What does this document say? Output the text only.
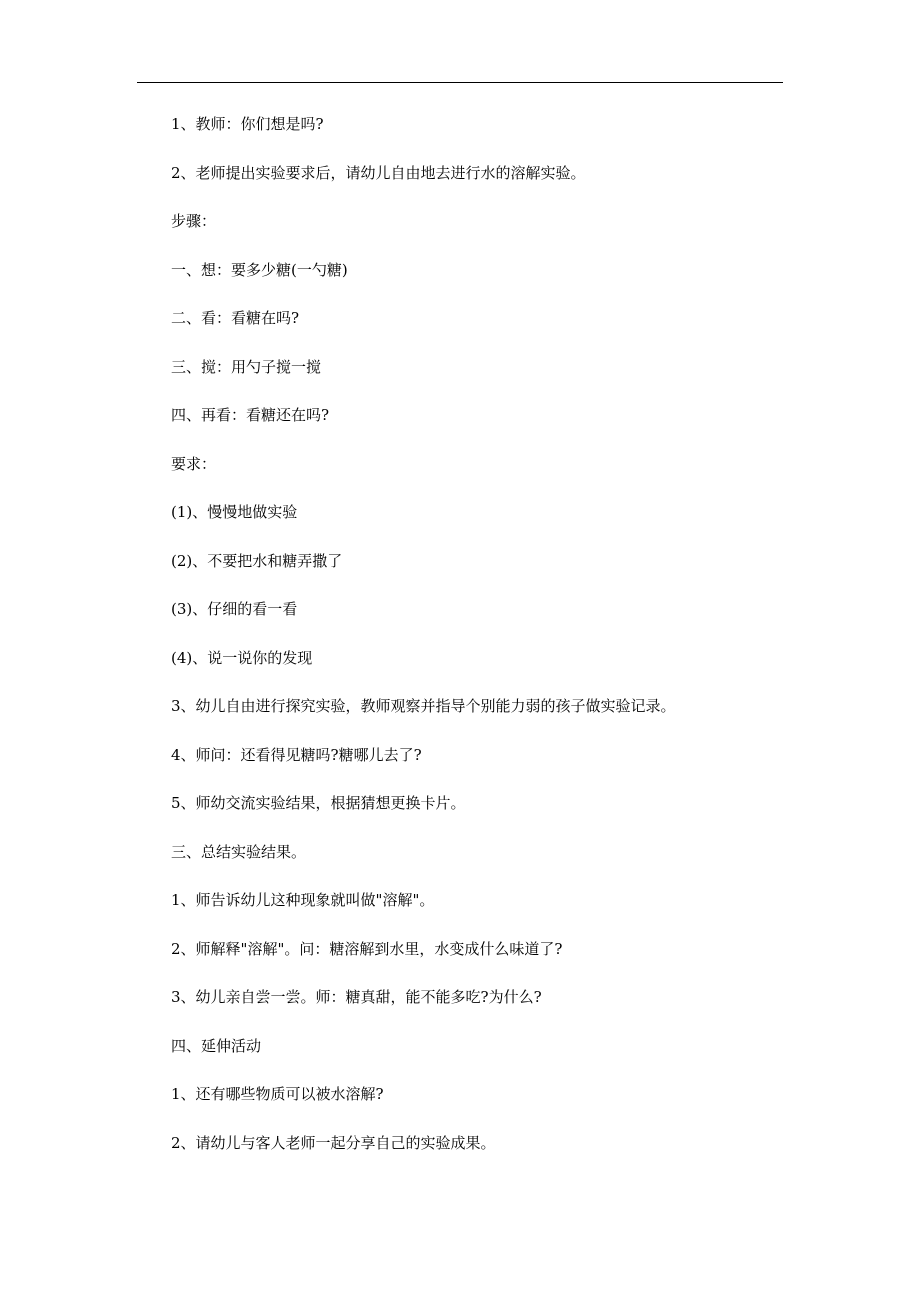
1、教师：你们想是吗?
2、老师提出实验要求后，请幼儿自由地去进行水的溶解实验。
步骤：
一、想：要多少糖(一勺糖)
二、看：看糖在吗?
三、搅：用勺子搅一搅
四、再看：看糖还在吗?
要求：
(1)、慢慢地做实验
(2)、不要把水和糖弄撒了
(3)、仔细的看一看
(4)、说一说你的发现
3、幼儿自由进行探究实验，教师观察并指导个别能力弱的孩子做实验记录。
4、师问：还看得见糖吗?糖哪儿去了?
5、师幼交流实验结果，根据猜想更换卡片。
三、总结实验结果。
1、师告诉幼儿这种现象就叫做"溶解"。
2、师解释"溶解"。问：糖溶解到水里，水变成什么味道了?
3、幼儿亲自尝一尝。师：糖真甜，能不能多吃?为什么?
四、延伸活动
1、还有哪些物质可以被水溶解?
2、请幼儿与客人老师一起分享自己的实验成果。
